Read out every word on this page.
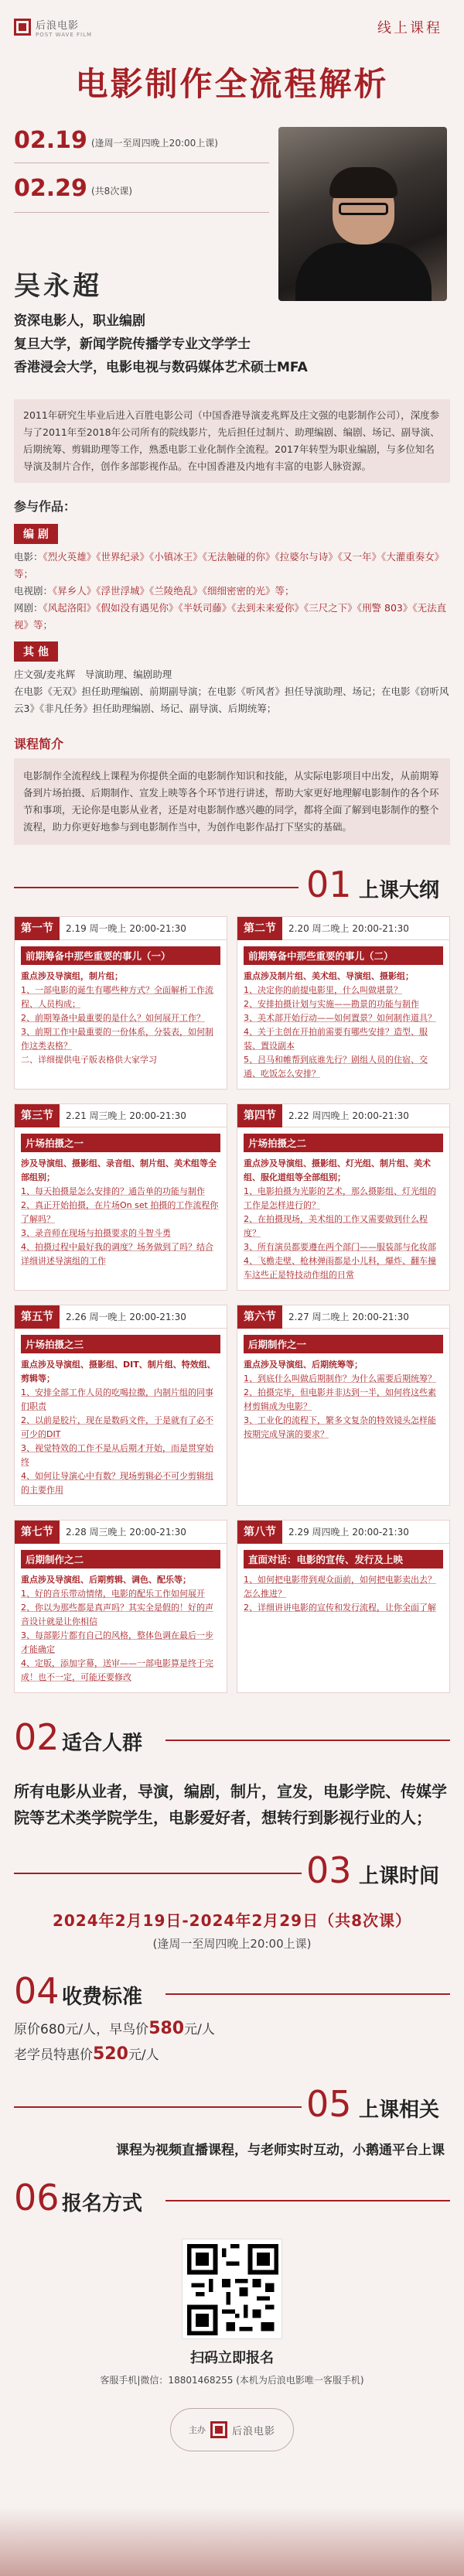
后浪电影
POST WAVE FILM	线上课程
电影制作全流程解析
02.19 (逢周一至周四晚上20:00上课)
02.29 (共8次课)
吴永超
资深电影人，职业编剧
复旦大学，新闻学院传播学专业文学学士
香港浸会大学，电影电视与数码媒体艺术硕士MFA
2011年研究生毕业后进入百胜电影公司（中国香港导演麦兆辉及庄文强的电影制作公司），深度参与了2011年至2018年公司所有的院线影片，先后担任过制片、助理编剧、编剧、场记、副导演、后期统筹、剪辑助理等工作，熟悉电影工业化制作全流程。2017年转型为职业编剧，与多位知名导演及制片合作，创作多部影视作品。在中国香港及内地有丰富的电影人脉资源。
参与作品：
编 剧
电影：《烈火英雄》《世界纪录》《小镇冰王》《无法触碰的你》《拉婆尔与诗》《又一年》《大灌重奏女》等；
电视剧：《昇乡人》《浮世浮城》《兰陵绝乱》《细细密密的光》等；
网剧：《风起洛阳》《假如没有遇见你》《半妖司藤》《去到未来爱你》《三尺之下》《刑警 803》《无法直视》等；
其 他
庄文强/麦兆辉　导演助理、编剧助理
在电影《无双》担任助理编剧、前期副导演；在电影《听风者》担任导演助理、场记；在电影《窃听风云3》《非凡任务》担任助理编剧、场记、副导演、后期统筹；
课程简介
电影制作全流程线上课程为你提供全面的电影制作知识和技能，从实际电影项目中出发，从前期筹备到片场拍摄、后期制作、宣发上映等各个环节进行讲述，帮助大家更好地理解电影制作的各个环节和事项，无论你是电影从业者，还是对电影制作感兴趣的同学，都将全面了解到电影制作的整个流程，助力你更好地参与到电影制作当中，为创作电影作品打下坚实的基础。
01 上课大纲
第一节	2.19 周一晚上 20:00-21:30
前期筹备中那些重要的事儿（一）
重点涉及导演组，制片组；
1、一部电影的诞生有哪些种方式？全面解析工作流程、人员构成；
2、前期筹备中最重要的是什么？如何展开工作？
3、前期工作中最重要的一份体系，分装表，如何制作这类表格？
二、详细提供电子版表格供大家学习
第二节	2.20 周二晚上 20:00-21:30
前期筹备中那些重要的事儿（二）
重点涉及制片组、美术组、导演组、摄影组；
1、决定你的前提电影里，什么叫做堪景？
2、安排拍摄计划与实施——勘景的功能与制作
3、美术部开始行动——如何置景？如何制作道具？
4、关于主创在开拍前需要有哪些安排？造型、服装、置设副本
5、吕马和帷帮到底谁先行？剧组人员的住宿、交通、吃饭怎么安排？
第三节	2.21 周三晚上 20:00-21:30
片场拍摄之一
涉及导演组、摄影组、录音组、制片组、美术组等全部组别；
1、每天拍摄是怎么安排的？通告单的功能与制作
2、真正开始拍摄，在片场On set 拍摄的工作流程你了解吗？
3、录音师在现场与拍摄要求的斗智斗勇
4、拍摄过程中最好我的调度？场务做到了吗？结合详细讲述导演组的工作
第四节	2.22 周四晚上 20:00-21:30
片场拍摄之二
重点涉及导演组、摄影组、灯光组、制片组、美术组、服化道组等全部组别；
1、电影拍摄为光影的艺术，那么摄影组、灯光组的工作是怎样进行的？
2、在拍摄现场，美术组的工作又需要做到什么程度？
3、所有演员都要遵在两个部门——服装部与化妆部
4、飞檐走壁、枪林弹雨都是小儿科，爆炸、翻车撞车这些正是特技动作组的日常
第五节	2.26 周一晚上 20:00-21:30
片场拍摄之三
重点涉及导演组、摄影组、DIT、制片组、特效组、剪辑等；
1、安排全部工作人员的吃喝拉撒，内制片组的同事们职责
2、以前是胶片，现在是数码文件，于是就有了必不可少的DIT
3、视觉特效的工作不是从后期才开始，而是贯穿始终
4、如何让导演心中有数？现场剪辑必不可少剪辑组的主要作用
第六节	2.27 周二晚上 20:00-21:30
后期制作之一
重点涉及导演组、后期统筹等；
1、到底什么叫做后期制作？为什么需要后期统筹？
2、拍摄完毕，但电影并非达到一半，如何将这些素材剪辑成为电影？
3、工业化的流程下，繁多文复杂的特效镜头怎样能按期完成导演的要求？
第七节	2.28 周三晚上 20:00-21:30
后期制作之二
重点涉及导演组、后期剪辑、调色、配乐等；
1、好的音乐带动情绪，电影的配乐工作如何展开
2、你以为那些都是真声吗？其实全是假的！好的声音设计就是让你相信
3、每部影片都有自己的风格，整体色调在最后一步才能确定
4、定版，添加字幕，送审——一部电影算是终于完成！也不一定，可能还要修改
第八节	2.29 周四晚上 20:00-21:30
直面对话：电影的宣传、发行及上映
1、如何把电影带到观众面前，如何把电影卖出去？怎么推进？
2、详细讲讲电影的宣传和发行流程，让你全面了解
02 适合人群
所有电影从业者，导演，编剧，制片，宣发，电影学院、传媒学院等艺术类学院学生，电影爱好者，想转行到影视行业的人；
03 上课时间
2024年2月19日-2024年2月29日（共8次课）
(逢周一至周四晚上20:00上课)
04 收费标准
原价680元/人，早鸟价580元/人
老学员特惠价520元/人
05 上课相关
课程为视频直播课程，与老师实时互动，小鹅通平台上课
06 报名方式
扫码立即报名
客服手机|微信：18801468255 (本机为后浪电影唯一客服手机)
主办	后浪电影
